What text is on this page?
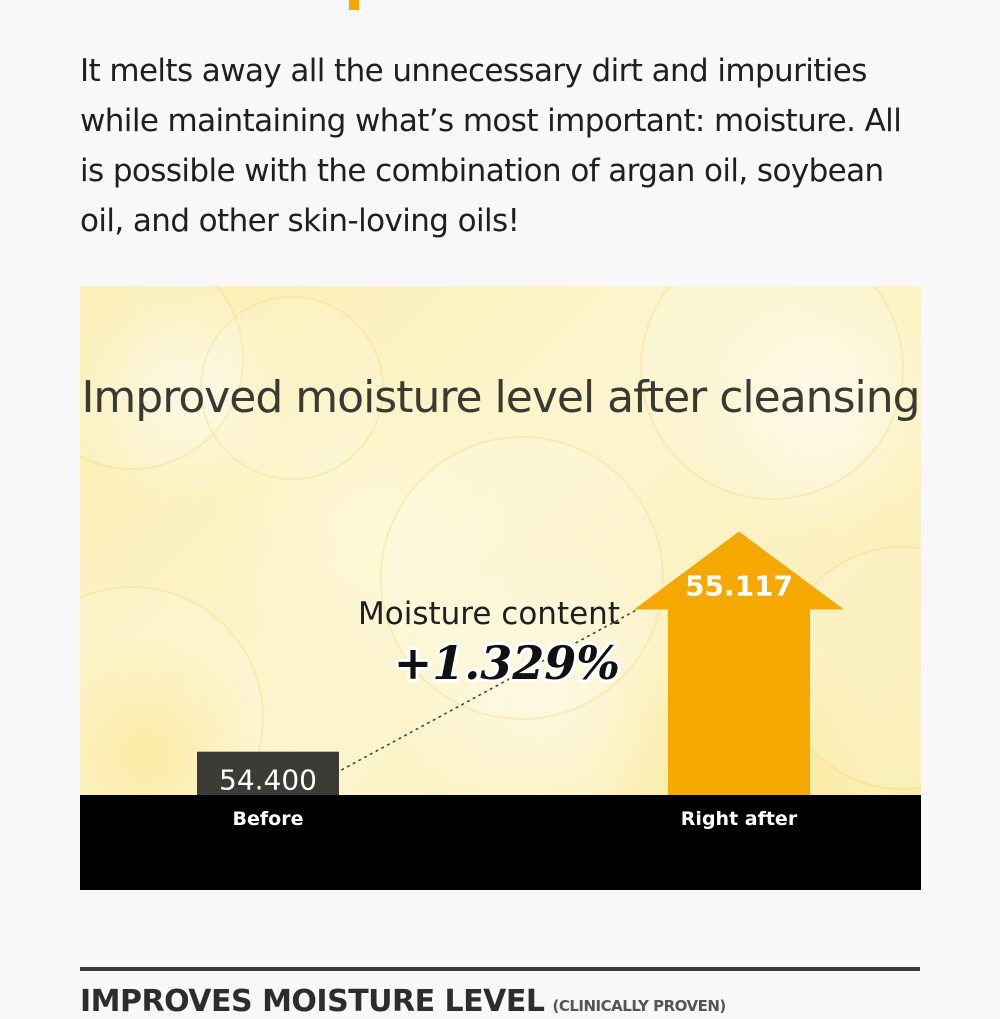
It melts away all the unnecessary dirt and impurities while maintaining what’s most important: moisture. All is possible with the combination of argan oil, soybean oil, and other skin-loving oils!

Improved moisture level after cleansing
54.400
55.117
Before	Right after
Moisture content
+1.329%
IMPROVES MOISTURE LEVEL (CLINICALLY PROVEN)
